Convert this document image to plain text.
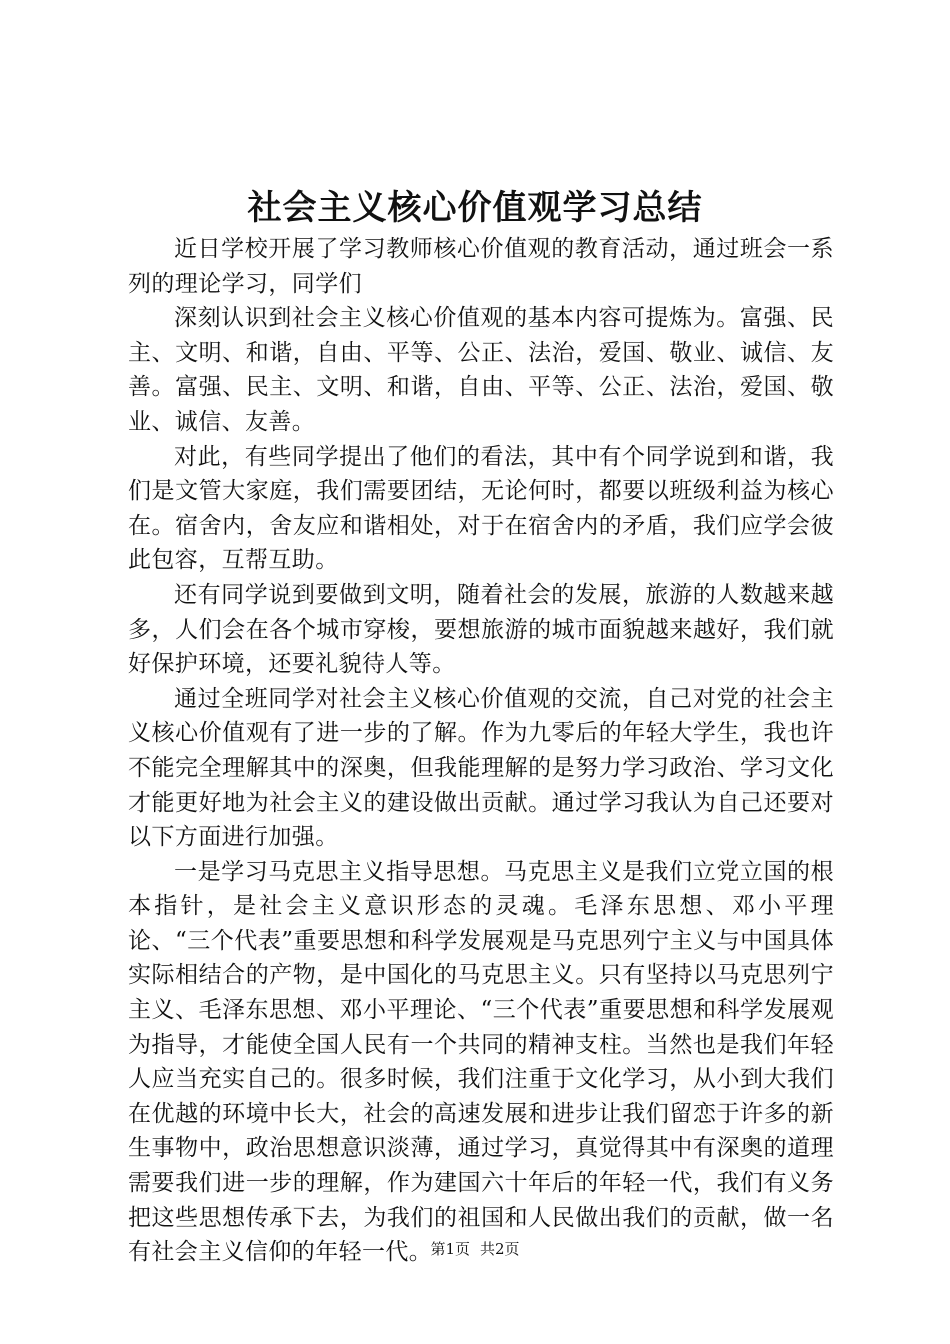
社会主义核心价值观学习总结

近日学校开展了学习教师核心价值观的教育活动，通过班会一系列的理论学习，同学们

深刻认识到社会主义核心价值观的基本内容可提炼为。富强、民主、文明、和谐，自由、平等、公正、法治，爱国、敬业、诚信、友善。富强、民主、文明、和谐，自由、平等、公正、法治，爱国、敬业、诚信、友善。

对此，有些同学提出了他们的看法，其中有个同学说到和谐，我们是文管大家庭，我们需要团结，无论何时，都要以班级利益为核心在。宿舍内，舍友应和谐相处，对于在宿舍内的矛盾，我们应学会彼此包容，互帮互助。

还有同学说到要做到文明，随着社会的发展，旅游的人数越来越多，人们会在各个城市穿梭，要想旅游的城市面貌越来越好，我们就好保护环境，还要礼貌待人等。

通过全班同学对社会主义核心价值观的交流，自己对党的社会主义核心价值观有了进一步的了解。作为九零后的年轻大学生，我也许不能完全理解其中的深奥，但我能理解的是努力学习政治、学习文化才能更好地为社会主义的建设做出贡献。通过学习我认为自己还要对以下方面进行加强。

一是学习马克思主义指导思想。马克思主义是我们立党立国的根本指针，是社会主义意识形态的灵魂。毛泽东思想、邓小平理论、“三个代表”重要思想和科学发展观是马克思列宁主义与中国具体实际相结合的产物，是中国化的马克思主义。只有坚持以马克思列宁主义、毛泽东思想、邓小平理论、“三个代表”重要思想和科学发展观为指导，才能使全国人民有一个共同的精神支柱。当然也是我们年轻人应当充实自己的。很多时候，我们注重于文化学习，从小到大我们在优越的环境中长大，社会的高速发展和进步让我们留恋于许多的新生事物中，政治思想意识淡薄，通过学习，真觉得其中有深奥的道理需要我们进一步的理解，作为建国六十年后的年轻一代，我们有义务把这些思想传承下去，为我们的祖国和人民做出我们的贡献，做一名有社会主义信仰的年轻一代。

第1页 共2页
